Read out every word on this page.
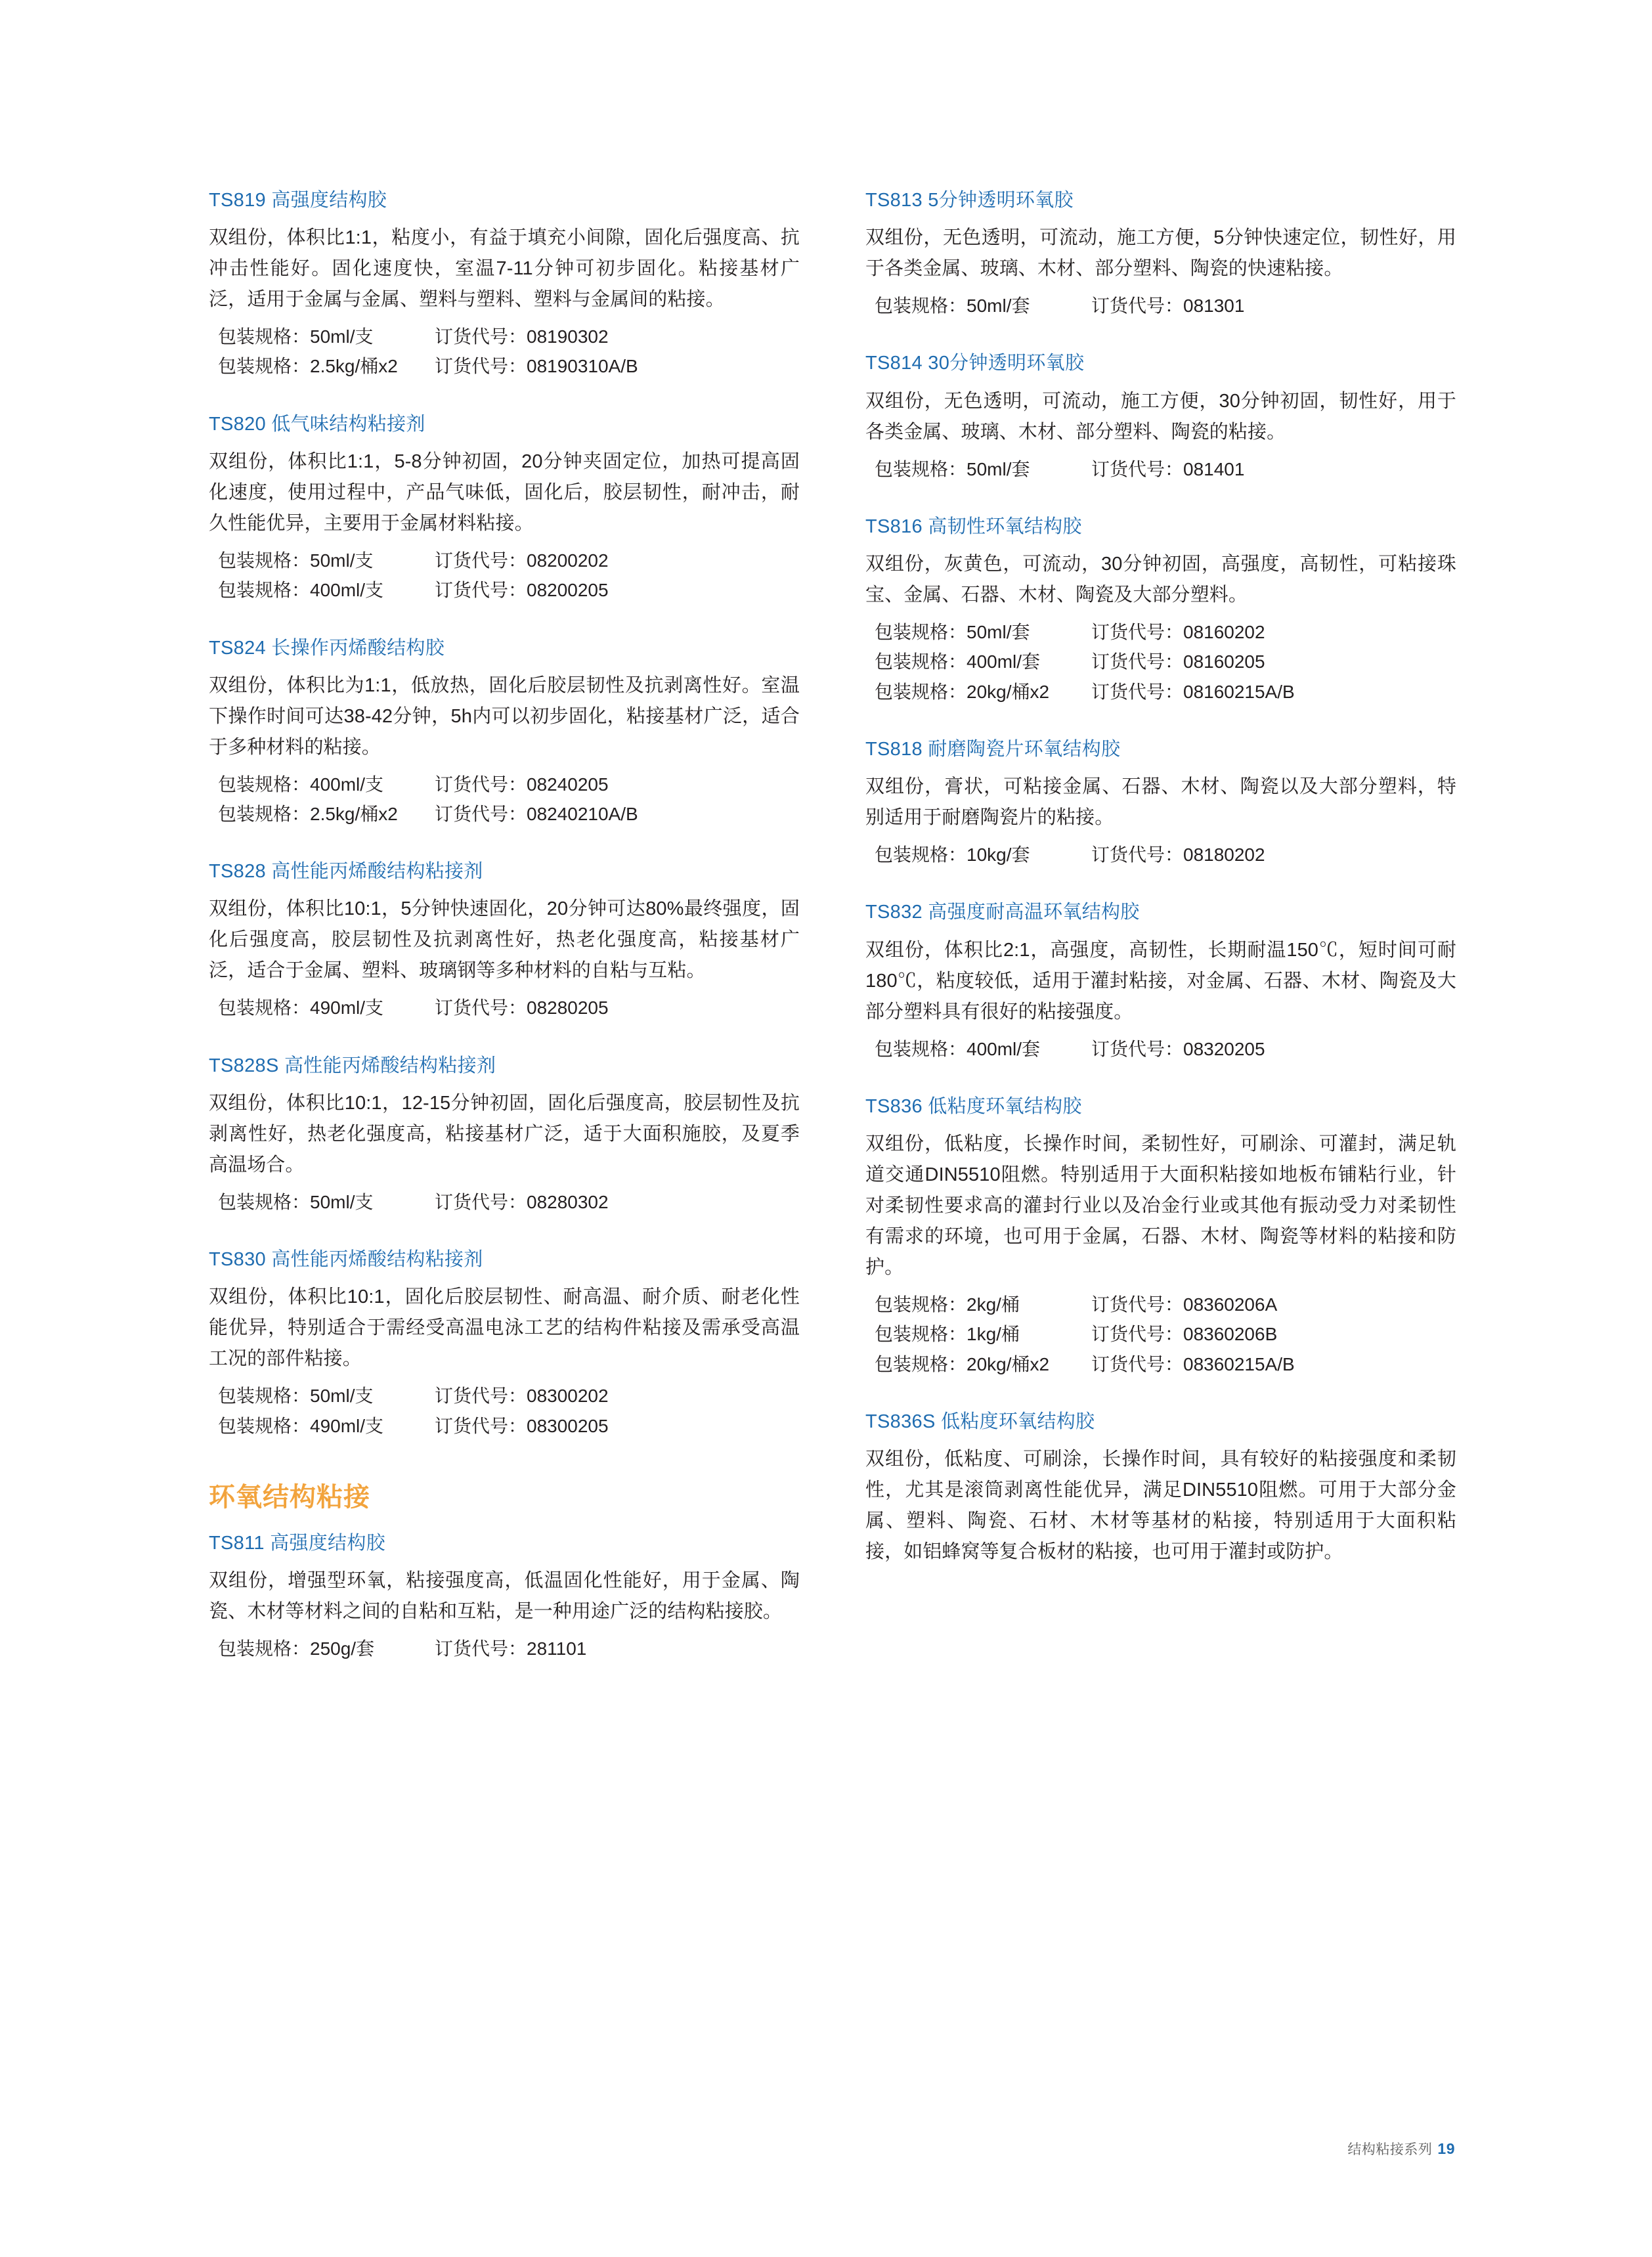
TS819 高强度结构胶
双组份，体积比1:1，粘度小，有益于填充小间隙，固化后强度高、抗冲击性能好。固化速度快，室温7-11分钟可初步固化。粘接基材广泛，适用于金属与金属、塑料与塑料、塑料与金属间的粘接。
包装规格：50ml/支	订货代号：08190302
包装规格：2.5kg/桶x2	订货代号：08190310A/B
TS820 低气味结构粘接剂
双组份，体积比1:1，5-8分钟初固，20分钟夹固定位，加热可提高固化速度，使用过程中，产品气味低，固化后，胶层韧性，耐冲击，耐久性能优异，主要用于金属材料粘接。
包装规格：50ml/支	订货代号：08200202
包装规格：400ml/支	订货代号：08200205
TS824 长操作丙烯酸结构胶
双组份，体积比为1:1，低放热，固化后胶层韧性及抗剥离性好。室温下操作时间可达38-42分钟，5h内可以初步固化，粘接基材广泛，适合于多种材料的粘接。
包装规格：400ml/支	订货代号：08240205
包装规格：2.5kg/桶x2	订货代号：08240210A/B
TS828 高性能丙烯酸结构粘接剂
双组份，体积比10:1，5分钟快速固化，20分钟可达80%最终强度，固化后强度高，胶层韧性及抗剥离性好，热老化强度高，粘接基材广泛，适合于金属、塑料、玻璃钢等多种材料的自粘与互粘。
包装规格：490ml/支	订货代号：08280205
TS828S 高性能丙烯酸结构粘接剂
双组份，体积比10:1，12-15分钟初固，固化后强度高，胶层韧性及抗剥离性好，热老化强度高，粘接基材广泛，适于大面积施胶，及夏季高温场合。
包装规格：50ml/支	订货代号：08280302
TS830 高性能丙烯酸结构粘接剂
双组份，体积比10:1，固化后胶层韧性、耐高温、耐介质、耐老化性能优异，特别适合于需经受高温电泳工艺的结构件粘接及需承受高温工况的部件粘接。
包装规格：50ml/支	订货代号：08300202
包装规格：490ml/支	订货代号：08300205
环氧结构粘接
TS811 高强度结构胶
双组份，增强型环氧，粘接强度高，低温固化性能好，用于金属、陶瓷、木材等材料之间的自粘和互粘，是一种用途广泛的结构粘接胶。
包装规格：250g/套	订货代号：281101
TS813 5分钟透明环氧胶
双组份，无色透明，可流动，施工方便，5分钟快速定位，韧性好，用于各类金属、玻璃、木材、部分塑料、陶瓷的快速粘接。
包装规格：50ml/套	订货代号：081301
TS814 30分钟透明环氧胶
双组份，无色透明，可流动，施工方便，30分钟初固，韧性好，用于各类金属、玻璃、木材、部分塑料、陶瓷的粘接。
包装规格：50ml/套	订货代号：081401
TS816 高韧性环氧结构胶
双组份，灰黄色，可流动，30分钟初固，高强度，高韧性，可粘接珠宝、金属、石器、木材、陶瓷及大部分塑料。
包装规格：50ml/套	订货代号：08160202
包装规格：400ml/套	订货代号：08160205
包装规格：20kg/桶x2	订货代号：08160215A/B
TS818 耐磨陶瓷片环氧结构胶
双组份，膏状，可粘接金属、石器、木材、陶瓷以及大部分塑料，特别适用于耐磨陶瓷片的粘接。
包装规格：10kg/套	订货代号：08180202
TS832 高强度耐高温环氧结构胶
双组份，体积比2:1，高强度，高韧性，长期耐温150℃，短时间可耐180℃，粘度较低，适用于灌封粘接，对金属、石器、木材、陶瓷及大部分塑料具有很好的粘接强度。
包装规格：400ml/套	订货代号：08320205
TS836 低粘度环氧结构胶
双组份，低粘度，长操作时间，柔韧性好，可刷涂、可灌封，满足轨道交通DIN5510阻燃。特别适用于大面积粘接如地板布铺粘行业，针对柔韧性要求高的灌封行业以及冶金行业或其他有振动受力对柔韧性有需求的环境，也可用于金属，石器、木材、陶瓷等材料的粘接和防护。
包装规格：2kg/桶	订货代号：08360206A
包装规格：1kg/桶	订货代号：08360206B
包装规格：20kg/桶x2	订货代号：08360215A/B
TS836S 低粘度环氧结构胶
双组份，低粘度、可刷涂，长操作时间，具有较好的粘接强度和柔韧性，尤其是滚筒剥离性能优异，满足DIN5510阻燃。可用于大部分金属、塑料、陶瓷、石材、木材等基材的粘接，特别适用于大面积粘接，如铝蜂窝等复合板材的粘接，也可用于灌封或防护。
结构粘接系列 19
